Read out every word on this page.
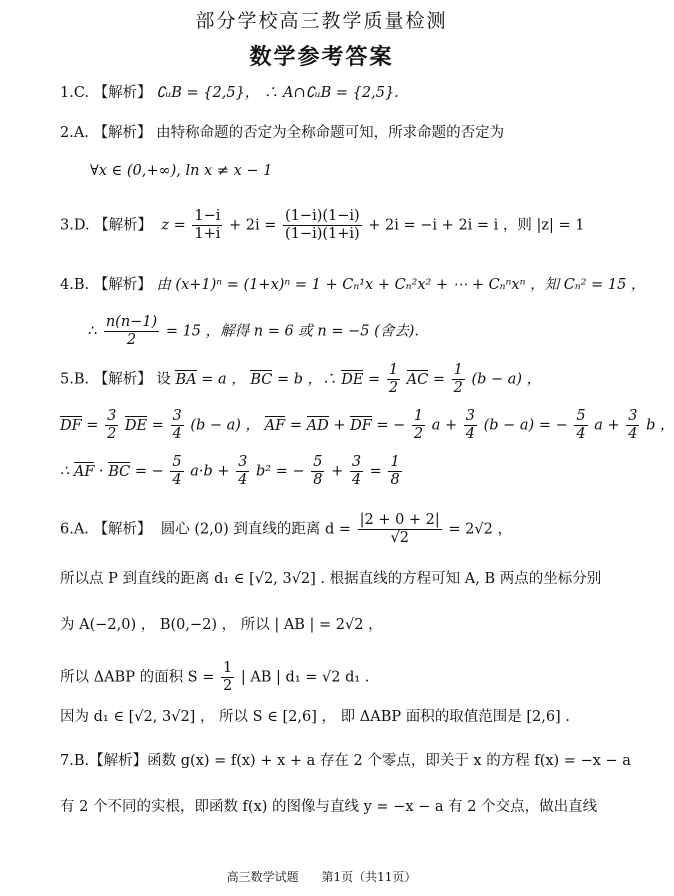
部分学校高三教学质量检测
数学参考答案
1.C. 【解析】 ∁ᵤB = {2,5}， ∴ A∩∁ᵤB = {2,5}.
2.A. 【解析】 由特称命题的否定为全称命题可知，所求命题的否定为
∀x ∈ (0,+∞), ln x ≠ x − 1
3.D. 【解析】 $z = \frac{1-i}{1+i} + 2i = \frac{(1-i)(1-i)}{(1-i)(1+i)} + 2i = -i + 2i = i$ ，则 |z| = 1
4.B. 【解析】 由 (x+1)ⁿ = (1+x)ⁿ = 1 + Cₙ¹x + Cₙ²x² + ⋯ + Cₙⁿxⁿ ，知 Cₙ² = 15 ，
∴ $\frac{n(n-1)}{2} = 15$ ，解得 n = 6 或 n = −5 (舍去).
5.B. 【解析】 设 BA = a ， BC = b ，∴ DE = $\frac{1}{2}$ AC = $\frac{1}{2} (b - a)$ ，
DF = $\frac{3}{2}$ DE = $\frac{3}{4} (b - a)$ ， AF = AD + DF = − $\frac{1}{2}$ $a + \frac{3}{4} (b - a)$ = − $\frac{5}{4}$ $a + \frac{3}{4}$ b ，
∴ AF · BC = − $\frac{5}{4} a\cdot b + \frac{3}{4} b^2$ = − $\frac{5}{8} + \frac{3}{4} = \frac{1}{8}$
6.A. 【解析】 圆心 (2,0) 到直线的距离 $d = \frac{|2 + 0 + 2|}{√2} = 2√2$ ，
所以点 P 到直线的距离 d₁ ∈ [√2, 3√2] . 根据直线的方程可知 A, B 两点的坐标分别
为 A(−2,0) ， B(0,−2) ， 所以 | AB | = 2√2 ，
所以 ΔABP 的面积 $S = \frac{1}{2}$ | AB | d₁ = √2 d₁ .
因为 d₁ ∈ [√2, 3√2] ， 所以 S ∈ [2,6] ， 即 ΔABP 面积的取值范围是 [2,6] .
7.B.【解析】函数 g(x) = f(x) + x + a 存在 2 个零点，即关于 x 的方程 f(x) = −x − a
有 2 个不同的实根，即函数 f(x) 的图像与直线 y = −x − a 有 2 个交点，做出直线
高三数学试题 第1页（共11页）
